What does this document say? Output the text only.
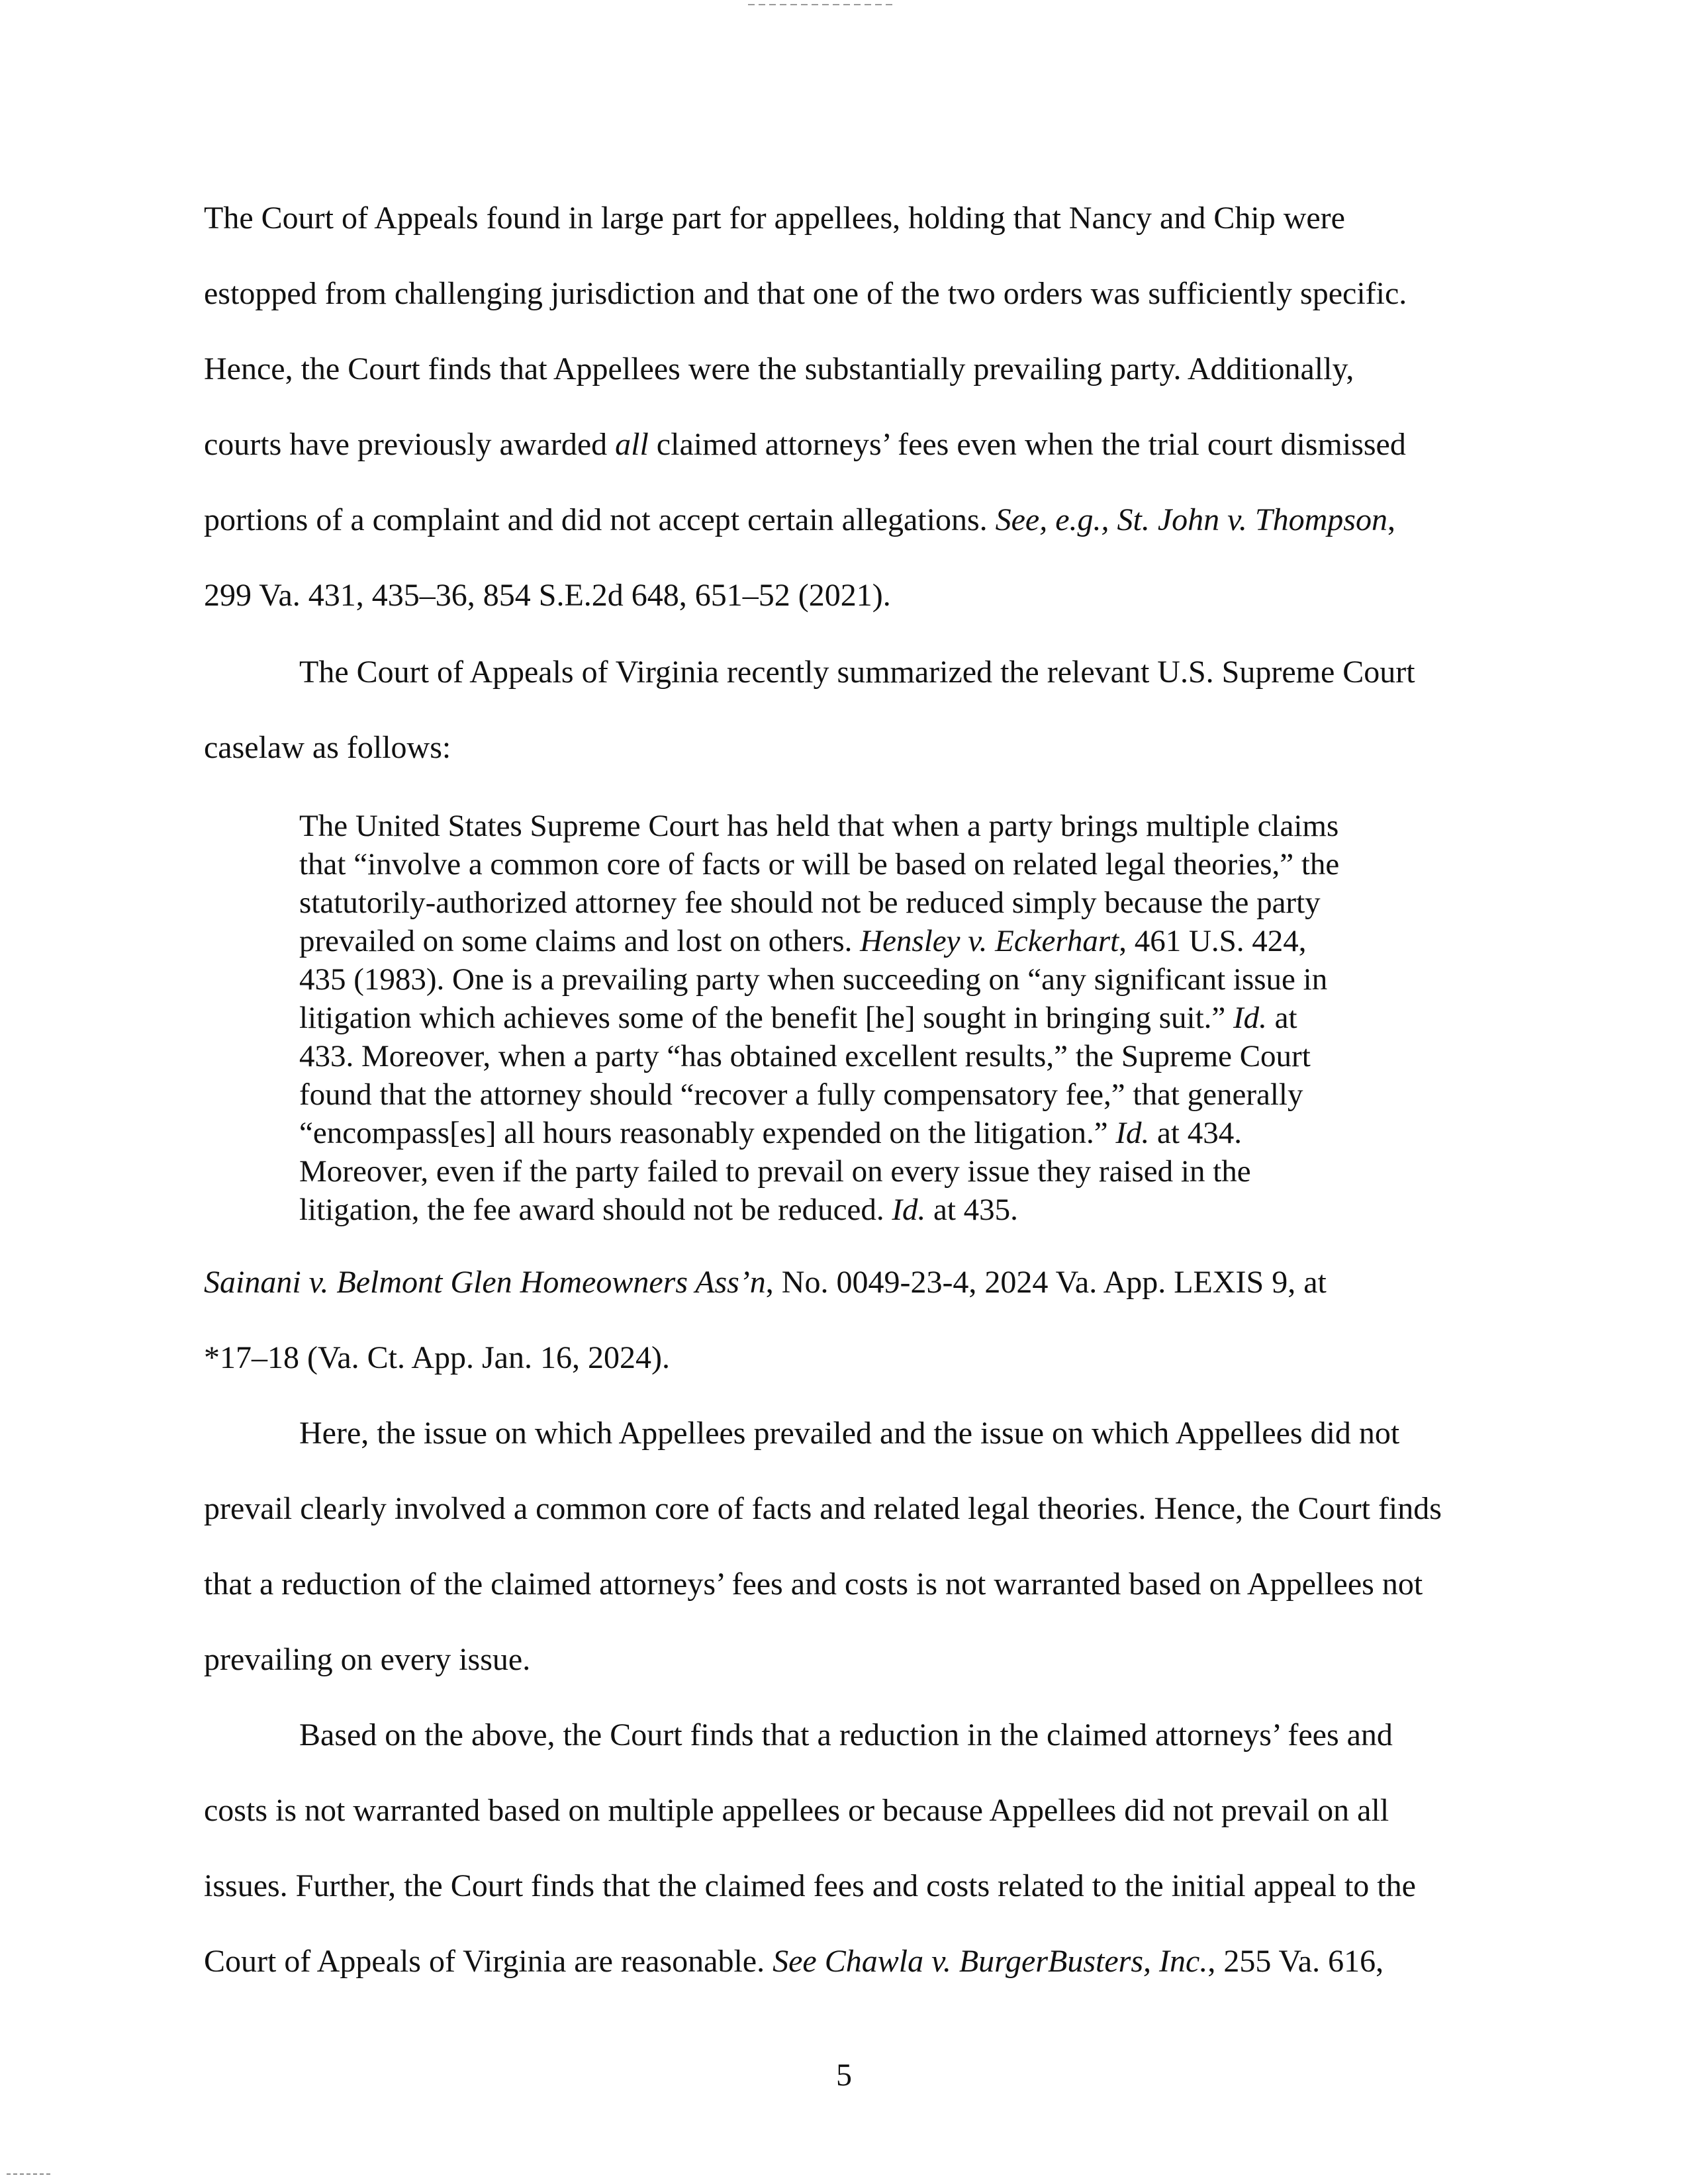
The Court of Appeals found in large part for appellees, holding that Nancy and Chip were
estopped from challenging jurisdiction and that one of the two orders was sufficiently specific.
Hence, the Court finds that Appellees were the substantially prevailing party. Additionally,
courts have previously awarded all claimed attorneys’ fees even when the trial court dismissed
portions of a complaint and did not accept certain allegations. See, e.g., St. John v. Thompson,
299 Va. 431, 435–36, 854 S.E.2d 648, 651–52 (2021).
The Court of Appeals of Virginia recently summarized the relevant U.S. Supreme Court
caselaw as follows:
The United States Supreme Court has held that when a party brings multiple claims
that “involve a common core of facts or will be based on related legal theories,” the
statutorily-authorized attorney fee should not be reduced simply because the party
prevailed on some claims and lost on others. Hensley v. Eckerhart, 461 U.S. 424,
435 (1983). One is a prevailing party when succeeding on “any significant issue in
litigation which achieves some of the benefit [he] sought in bringing suit.” Id. at
433. Moreover, when a party “has obtained excellent results,” the Supreme Court
found that the attorney should “recover a fully compensatory fee,” that generally
“encompass[es] all hours reasonably expended on the litigation.” Id. at 434.
Moreover, even if the party failed to prevail on every issue they raised in the
litigation, the fee award should not be reduced. Id. at 435.
Sainani v. Belmont Glen Homeowners Ass’n, No. 0049-23-4, 2024 Va. App. LEXIS 9, at
*17–18 (Va. Ct. App. Jan. 16, 2024).
Here, the issue on which Appellees prevailed and the issue on which Appellees did not
prevail clearly involved a common core of facts and related legal theories. Hence, the Court finds
that a reduction of the claimed attorneys’ fees and costs is not warranted based on Appellees not
prevailing on every issue.
Based on the above, the Court finds that a reduction in the claimed attorneys’ fees and
costs is not warranted based on multiple appellees or because Appellees did not prevail on all
issues. Further, the Court finds that the claimed fees and costs related to the initial appeal to the
Court of Appeals of Virginia are reasonable. See Chawla v. BurgerBusters, Inc., 255 Va. 616,
5
